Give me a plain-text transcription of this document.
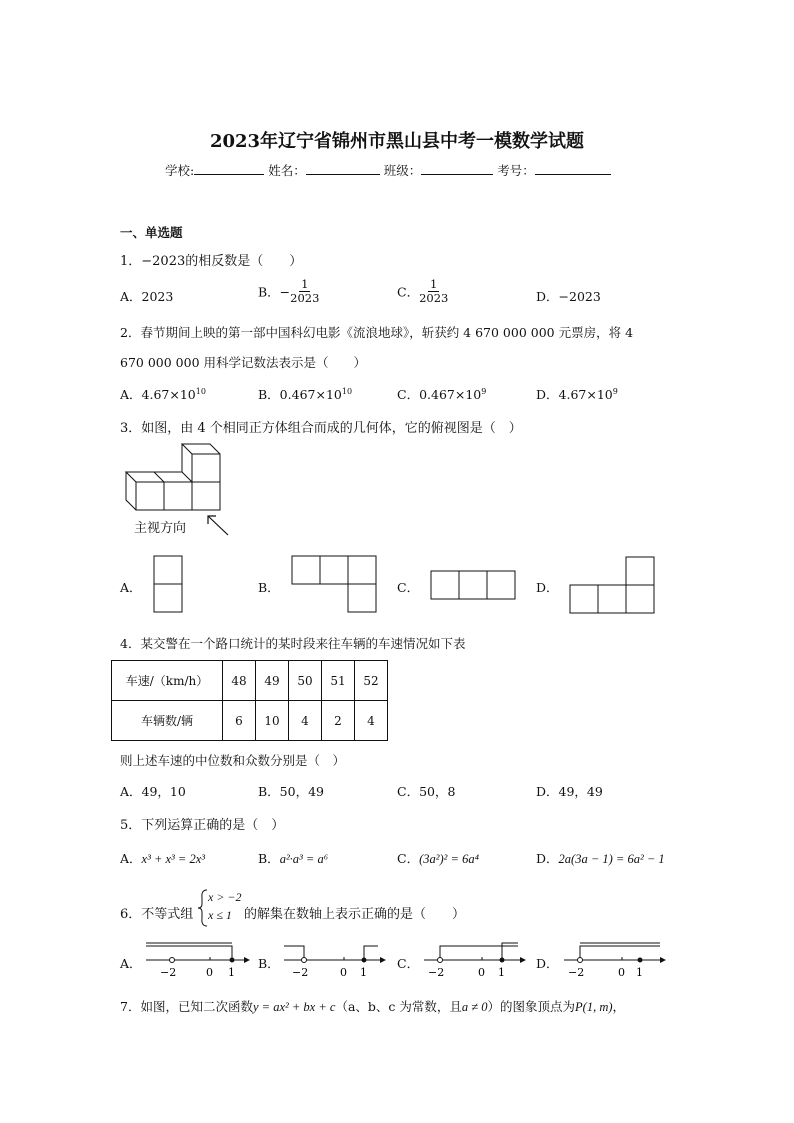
2023年辽宁省锦州市黑山县中考一模数学试题
学校:	姓名：	班级：	考号：
一、单选题
1．−2023的相反数是（　　）
A．2023	B．− $\frac{1}{2023}$	C． $\frac{1}{2023}$	D．−2023
2．春节期间上映的第一部中国科幻电影《流浪地球》，斩获约 4 670 000 000 元票房，将 4
670 000 000 用科学记数法表示是（　　）
A．$4.67\times 10^{10}$	B．$0.467\times 10^{10}$	C．$0.467\times 10^9$	D．$4.67\times 10^9$
3．如图，由 4 个相同正方体组合而成的几何体，它的俯视图是（　）
主视方向
A．	B．	C．	D．
4．某交警在一个路口统计的某时段来往车辆的车速情况如下表
车速/（km/h）	48	49	50	51	52
车辆数/辆	6	10	4	2	4
则上述车速的中位数和众数分别是（　）
A．49，10	B．50，49	C．50，8	D．49，49
5．下列运算正确的是（　）
A．x³ + x³ = 2x³	B．a²·a³ = a⁶	C．(3a²)² = 6a⁴	D．2a(3a − 1) = 6a² − 1
6．不等式组
x > −2
x ≤ 1 的解集在数轴上表示正确的是（　　）
A．
−2	0 1
B．
−2	0 1
C．
−2	0 1
D．
−2	0 1
7．如图，已知二次函数y = ax² + bx + c（a、b、c 为常数，且a ≠ 0）的图象顶点为P(1, m)，
